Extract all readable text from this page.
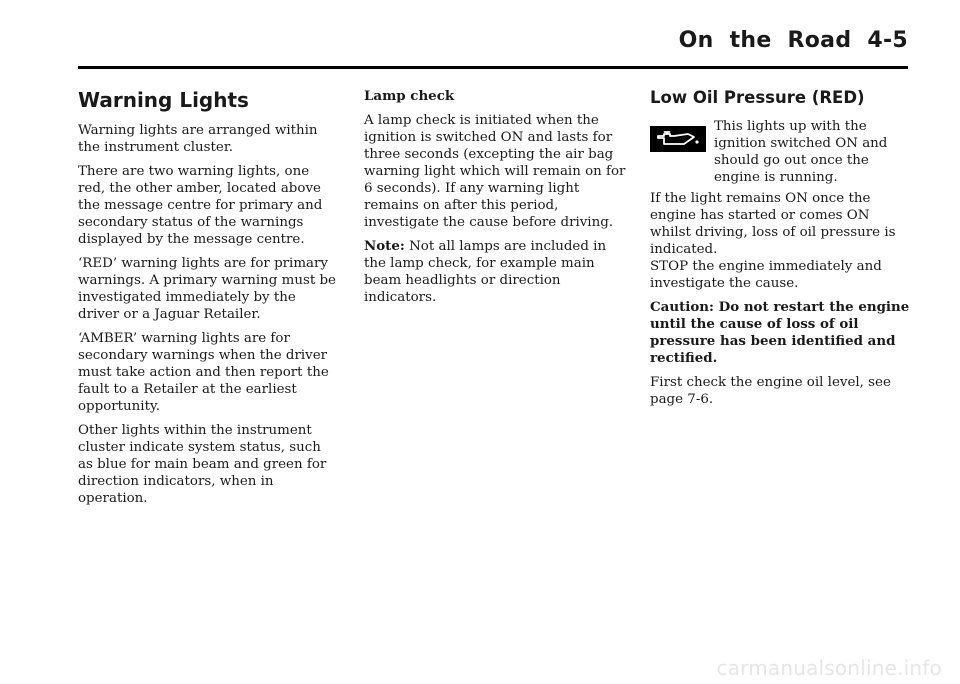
On the Road 4-5
Warning Lights

Warning lights are arranged within the instrument cluster.

There are two warning lights, one red, the other amber, located above the message centre for primary and secondary status of the warnings displayed by the message centre.

‘RED’ warning lights are for primary warnings. A primary warning must be investigated immediately by the driver or a Jaguar Retailer.

‘AMBER’ warning lights are for secondary warnings when the driver must take action and then report the fault to a Retailer at the earliest opportunity.

Other lights within the instrument cluster indicate system status, such as blue for main beam and green for direction indicators, when in operation.

Lamp check

A lamp check is initiated when the ignition is switched ON and lasts for three seconds (excepting the air bag warning light which will remain on for 6 seconds). If any warning light remains on after this period, investigate the cause before driving.

Note: Not all lamps are included in the lamp check, for example main beam headlights or direction indicators.

Low Oil Pressure (RED)
This lights up with the ignition switched ON and should go out once the engine is running.

If the light remains ON once the engine has started or comes ON whilst driving, loss of oil pressure is indicated.

STOP the engine immediately and investigate the cause.

Caution: Do not restart the engine until the cause of loss of oil pressure has been identified and rectified.

First check the engine oil level, see page 7-6.

carmanualsonline.info
